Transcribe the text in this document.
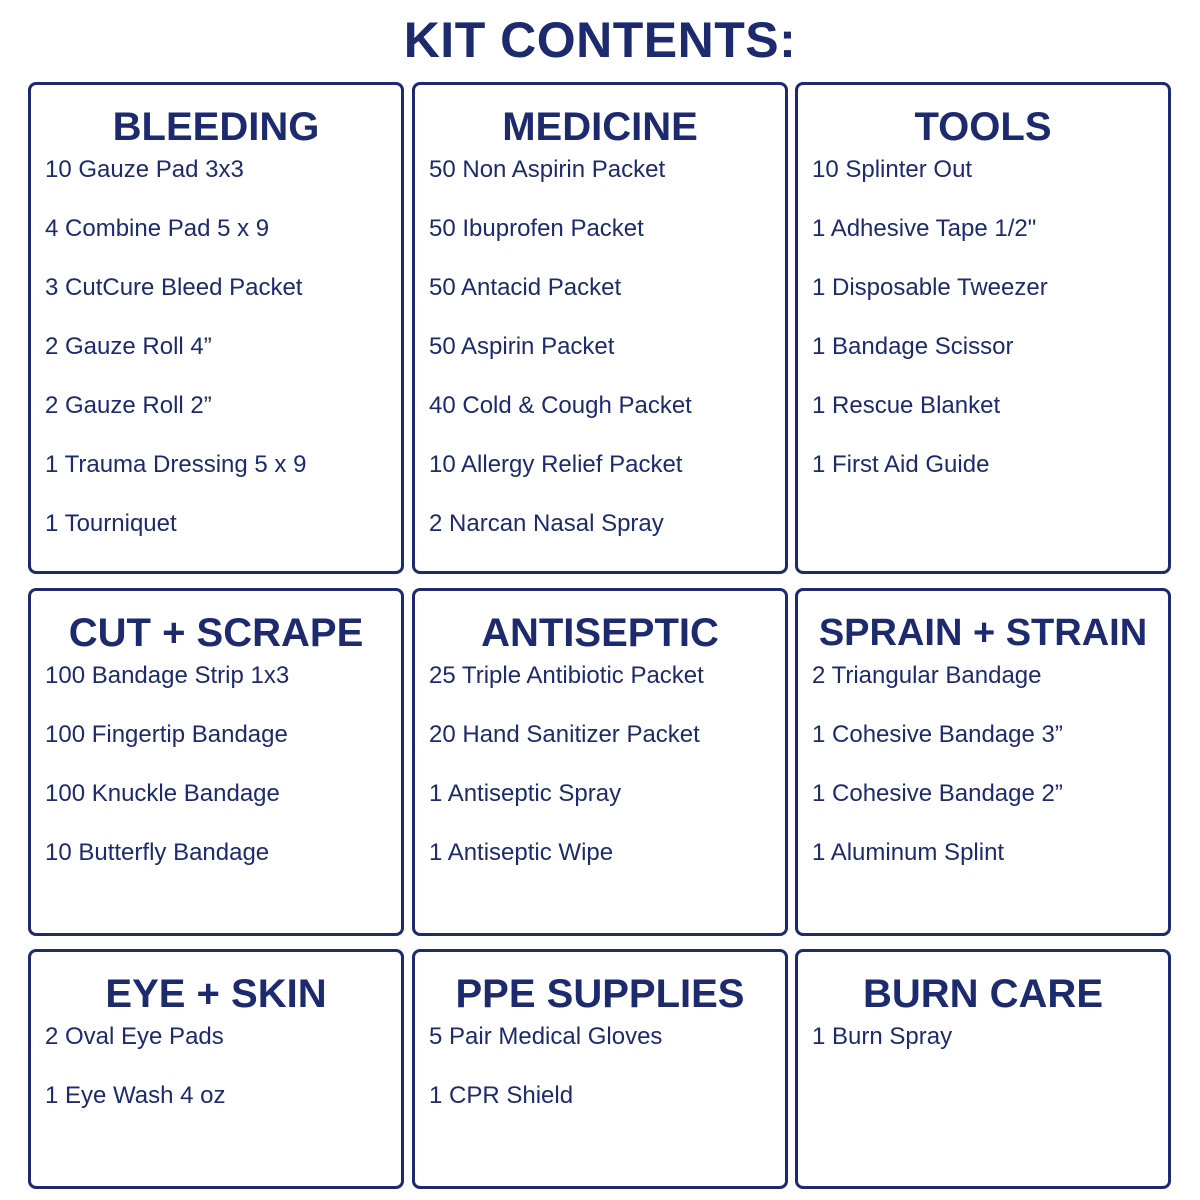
KIT CONTENTS:
BLEEDING
10 Gauze Pad 3x3
4 Combine Pad 5 x 9
3 CutCure Bleed Packet
2 Gauze Roll 4”
2 Gauze Roll 2”
1 Trauma Dressing 5 x 9
1 Tourniquet
MEDICINE
50 Non Aspirin Packet
50 Ibuprofen Packet
50 Antacid Packet
50 Aspirin Packet
40 Cold & Cough Packet
10 Allergy Relief Packet
2 Narcan Nasal Spray
TOOLS
10 Splinter Out
1 Adhesive Tape 1/2"
1 Disposable Tweezer
1 Bandage Scissor
1 Rescue Blanket
1 First Aid Guide
CUT + SCRAPE
100 Bandage Strip 1x3
100 Fingertip Bandage
100 Knuckle Bandage
10 Butterfly Bandage
ANTISEPTIC
25 Triple Antibiotic Packet
20 Hand Sanitizer Packet
1 Antiseptic Spray
1 Antiseptic Wipe
SPRAIN + STRAIN
2 Triangular Bandage
1 Cohesive Bandage 3”
1 Cohesive Bandage 2”
1 Aluminum Splint
EYE + SKIN
2 Oval Eye Pads
1 Eye Wash 4 oz
PPE SUPPLIES
5 Pair Medical Gloves
1 CPR Shield
BURN CARE
1 Burn Spray
